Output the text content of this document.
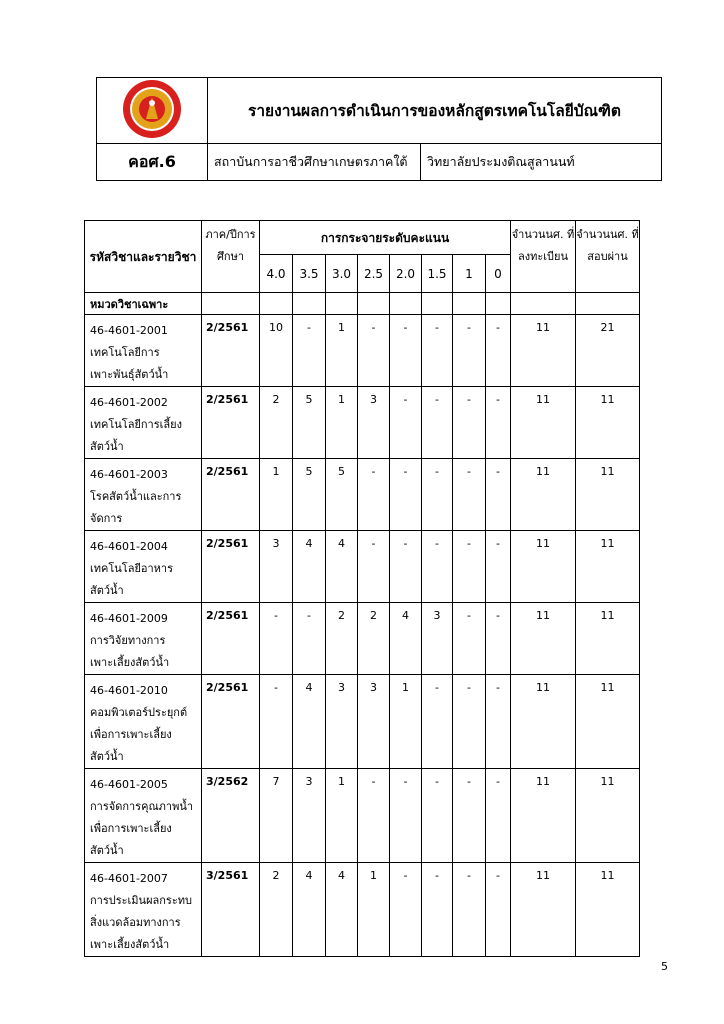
	รายงานผลการดำเนินการของหลักสูตรเทคโนโลยีบัณฑิต	
คอศ.6	สถาบันการอาชีวศึกษาเกษตรภาคใต้	วิทยาลัยประมงติณสูลานนท์
รหัสวิชาและรายวิชา	ภาค/ปีการศึกษา	การกระจายระดับคะแนน								จำนวนนศ. ที่ลงทะเบียน	จำนวนนศ. ที่สอบผ่าน
		4.0	3.5	3.0	2.5	2.0	1.5	1	0		
หมวดวิชาเฉพาะ											

46-4601-2001
เทคโนโลยีการ
เพาะพันธุ์สัตว์น้ำ	2/2561	10	-	1	-	-	-	-	-	11	21

46-4601-2002
เทคโนโลยีการเลี้ยง
สัตว์น้ำ	2/2561	2	5	1	3	-	-	-	-	11	11

46-4601-2003
โรคสัตว์น้ำและการ
จัดการ	2/2561	1	5	5	-	-	-	-	-	11	11

46-4601-2004
เทคโนโลยีอาหาร
สัตว์น้ำ	2/2561	3	4	4	-	-	-	-	-	11	11

46-4601-2009
การวิจัยทางการ
เพาะเลี้ยงสัตว์น้ำ	2/2561	-	-	2	2	4	3	-	-	11	11

46-4601-2010
คอมพิวเตอร์ประยุกต์
เพื่อการเพาะเลี้ยง
สัตว์น้ำ	2/2561	-	4	3	3	1	-	-	-	11	11

46-4601-2005
การจัดการคุณภาพน้ำ
เพื่อการเพาะเลี้ยง
สัตว์น้ำ	3/2562	7	3	1	-	-	-	-	-	11	11

46-4601-2007
การประเมินผลกระทบ
สิ่งแวดล้อมทางการ
เพาะเลี้ยงสัตว์น้ำ	3/2561	2	4	4	1	-	-	-	-	11	11
5
